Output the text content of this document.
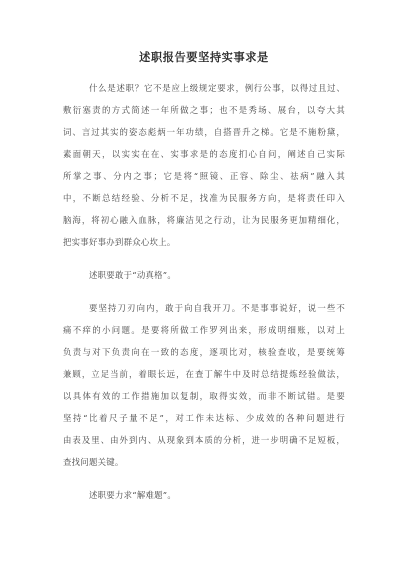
述职报告要坚持实事求是

什么是述职？它不是应上级规定要求，例行公事，以得过且过、

敷衍塞责的方式简述一年所做之事；也不是秀场、展台，以夸大其

词、言过其实的姿态彪炳一年功绩，自搭晋升之梯。它是不施粉黛，

素面朝天，以实实在在、实事求是的态度扪心自问，阐述自己实际

所掌之事、分内之事；它是将“照镜、正容、除尘、祛病”融入其

中，不断总结经验、分析不足，找准为民服务方向，是将责任印入

脑海，将初心融入血脉，将廉洁见之行动，让为民服务更加精细化，

把实事好事办到群众心坎上。

述职要敢于“动真格”。

要坚持刀刃向内，敢于向自我开刀。不是事事说好，说一些不

痛不痒的小问题。是要将所做工作罗列出来，形成明细账，以对上

负责与对下负责向在一致的态度，逐项比对，核验查收，是要统筹

兼顾，立足当前，着眼长远，在査丁解牛中及时总结提炼经验做法，

以具体有效的工作措施加以复制，取得实效，而非不断试错。是要

坚持“比着尺子量不足”，对工作未达标、少成效的各种问题进行

由表及里、由外到内、从现象到本质的分析，进一步明确不足短板，

查找问题关键。

述职要力求“解难题”。
